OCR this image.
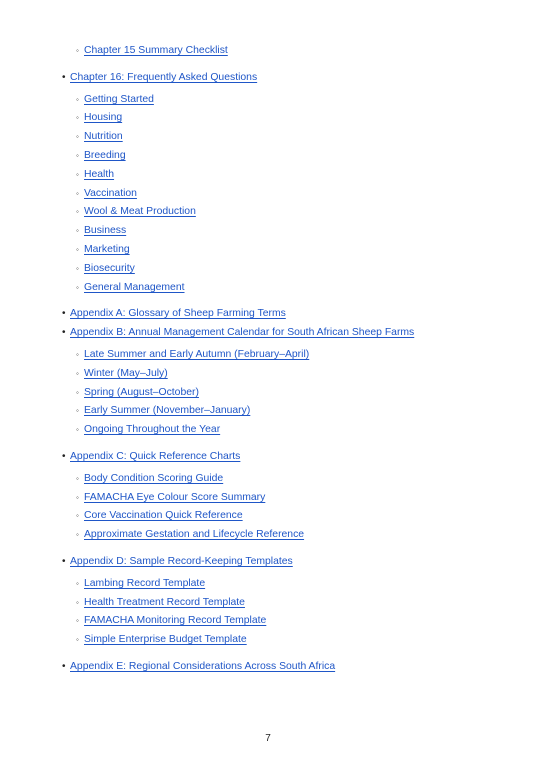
◦ Chapter 15 Summary Checklist
• Chapter 16: Frequently Asked Questions
◦ Getting Started
◦ Housing
◦ Nutrition
◦ Breeding
◦ Health
◦ Vaccination
◦ Wool & Meat Production
◦ Business
◦ Marketing
◦ Biosecurity
◦ General Management
• Appendix A: Glossary of Sheep Farming Terms
• Appendix B: Annual Management Calendar for South African Sheep Farms
◦ Late Summer and Early Autumn (February–April)
◦ Winter (May–July)
◦ Spring (August–October)
◦ Early Summer (November–January)
◦ Ongoing Throughout the Year
• Appendix C: Quick Reference Charts
◦ Body Condition Scoring Guide
◦ FAMACHA Eye Colour Score Summary
◦ Core Vaccination Quick Reference
◦ Approximate Gestation and Lifecycle Reference
• Appendix D: Sample Record-Keeping Templates
◦ Lambing Record Template
◦ Health Treatment Record Template
◦ FAMACHA Monitoring Record Template
◦ Simple Enterprise Budget Template
• Appendix E: Regional Considerations Across South Africa
7
